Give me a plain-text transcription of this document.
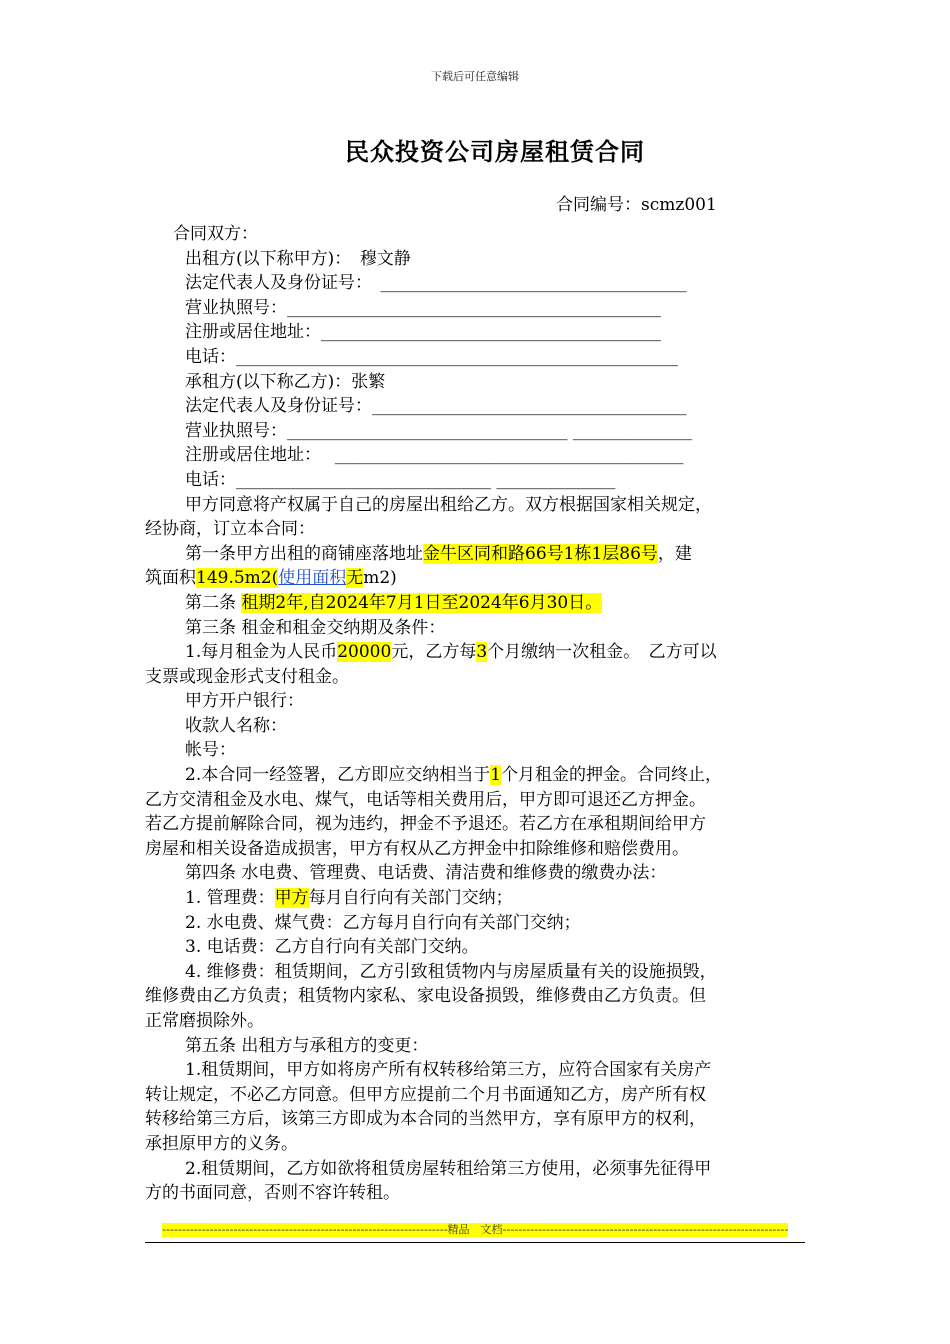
下载后可任意编辑
民众投资公司房屋租赁合同
合同编号：scmz001
合同双方：
出租方(以下称甲方)：　穆文静
法定代表人及身份证号：　____________________________________
营业执照号：____________________________________________
注册或居住地址：________________________________________
电话：____________________________________________________
承租方(以下称乙方)：张繁
法定代表人及身份证号：_____________________________________
营业执照号：_________________________________ ______________
注册或居住地址：　 _________________________________________
电话：______________________________ ______________
甲方同意将产权属于自己的房屋出租给乙方。双方根据国家相关规定，
经协商，订立本合同：
第一条甲方出租的商铺座落地址金牛区同和路66号1栋1层86号，建
筑面积149.5m2(使用面积无m2)
第二条 租期2年,自2024年7月1日至2024年6月30日。
第三条 租金和租金交纳期及条件：
1.每月租金为人民币20000元，乙方每3个月缴纳一次租金。　乙方可以
支票或现金形式支付租金。
甲方开户银行：
收款人名称：
帐号：
2.本合同一经签署，乙方即应交纳相当于1个月租金的押金。合同终止，
乙方交清租金及水电、煤气，电话等相关费用后，甲方即可退还乙方押金。
若乙方提前解除合同，视为违约，押金不予退还。若乙方在承租期间给甲方
房屋和相关设备造成损害，甲方有权从乙方押金中扣除维修和赔偿费用。
第四条 水电费、管理费、电话费、清洁费和维修费的缴费办法：
1. 管理费：甲方每月自行向有关部门交纳；
2. 水电费、煤气费：乙方每月自行向有关部门交纳；
3. 电话费：乙方自行向有关部门交纳。
4. 维修费：租赁期间，乙方引致租赁物内与房屋质量有关的设施损毁，
维修费由乙方负责；租赁物内家私、家电设备损毁，维修费由乙方负责。但
正常磨损除外。
第五条 出租方与承租方的变更：
1.租赁期间，甲方如将房产所有权转移给第三方，应符合国家有关房产
转让规定，不必乙方同意。但甲方应提前二个月书面通知乙方，房产所有权
转移给第三方后，该第三方即成为本合同的当然甲方，享有原甲方的权利，
承担原甲方的义务。
2.租赁期间，乙方如欲将租赁房屋转租给第三方使用，必须事先征得甲
方的书面同意，否则不容许转租。
-----
精品　文档
-----
